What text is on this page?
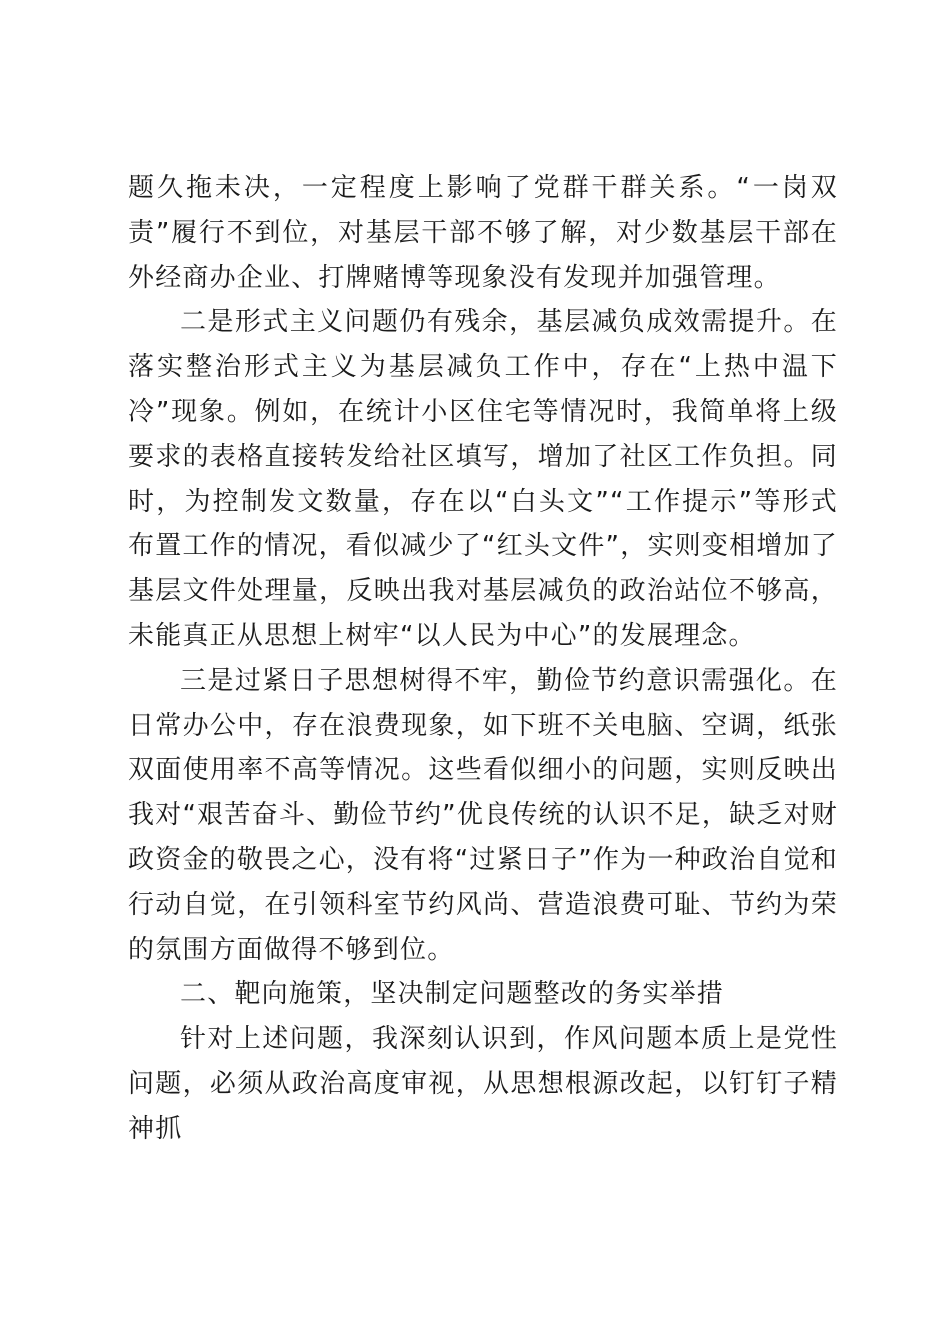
题久拖未决，一定程度上影响了党群干群关系。“一岗双责”履行不到位，对基层干部不够了解，对少数基层干部在外经商办企业、打牌赌博等现象没有发现并加强管理。

二是形式主义问题仍有残余，基层减负成效需提升。在落实整治形式主义为基层减负工作中，存在“上热中温下冷”现象。例如，在统计小区住宅等情况时，我简单将上级要求的表格直接转发给社区填写，增加了社区工作负担。同时，为控制发文数量，存在以“白头文”“工作提示”等形式布置工作的情况，看似减少了“红头文件”，实则变相增加了基层文件处理量，反映出我对基层减负的政治站位不够高，未能真正从思想上树牢“以人民为中心”的发展理念。

三是过紧日子思想树得不牢，勤俭节约意识需强化。在日常办公中，存在浪费现象，如下班不关电脑、空调，纸张双面使用率不高等情况。这些看似细小的问题，实则反映出我对“艰苦奋斗、勤俭节约”优良传统的认识不足，缺乏对财政资金的敬畏之心，没有将“过紧日子”作为一种政治自觉和行动自觉，在引领科室节约风尚、营造浪费可耻、节约为荣的氛围方面做得不够到位。

二、靶向施策，坚决制定问题整改的务实举措

针对上述问题，我深刻认识到，作风问题本质上是党性问题，必须从政治高度审视，从思想根源改起，以钉钉子精神抓
